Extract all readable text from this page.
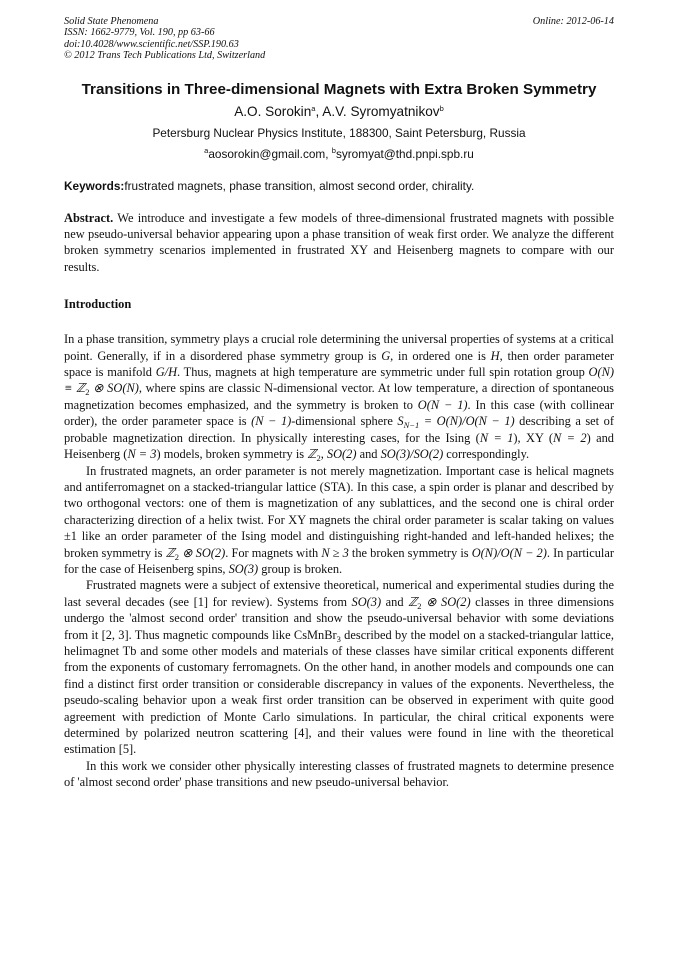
Solid State Phenomena
ISSN: 1662-9779, Vol. 190, pp 63-66
doi:10.4028/www.scientific.net/SSP.190.63
© 2012 Trans Tech Publications Ltd, Switzerland
Online: 2012-06-14
Transitions in Three-dimensional Magnets with Extra Broken Symmetry
A.O. Sorokin$^a$, A.V. Syromyatnikov$^b$
Petersburg Nuclear Physics Institute, 188300, Saint Petersburg, Russia
$^a$aosorokin@gmail.com, $^b$syromyat@thd.pnpi.spb.ru
Keywords:frustrated magnets, phase transition, almost second order, chirality.
Abstract. We introduce and investigate a few models of three-dimensional frustrated magnets with possible new pseudo-universal behavior appearing upon a phase transition of weak first order. We analyze the different broken symmetry scenarios implemented in frustrated XY and Heisenberg magnets to compare with our results.
Introduction

In a phase transition, symmetry plays a crucial role determining the universal properties of systems at a critical point. Generally, if in a disordered phase symmetry group is G, in ordered one is H, then order parameter space is manifold G/H. Thus, magnets at high temperature are symmetric under full spin rotation group O(N) ≡ ℤ$_2$ ⊗ SO(N), where spins are classic N-dimensional vector. At low temperature, a direction of spontaneous magnetization becomes emphasized, and the symmetry is broken to O(N − 1). In this case (with collinear order), the order parameter space is (N − 1)-dimensional sphere $S_{N-1} = O(N)/O(N - 1)$ describing a set of probable magnetization direction. In physically interesting cases, for the Ising (N = 1), XY (N = 2) and Heisenberg (N = 3) models, broken symmetry is ℤ$_2$, SO(2) and SO(3)/SO(2) correspondingly.

In frustrated magnets, an order parameter is not merely magnetization. Important case is helical magnets and antiferromagnet on a stacked-triangular lattice (STA). In this case, a spin order is planar and described by two orthogonal vectors: one of them is magnetization of any sublattices, and the second one is chiral order characterizing direction of a helix twist. For XY magnets the chiral order parameter is scalar taking on values ±1 like an order parameter of the Ising model and distinguishing right-handed and left-handed helixes; the broken symmetry is ℤ$_2$ ⊗ SO(2). For magnets with N ≥ 3 the broken symmetry is O(N)/O(N − 2). In particular for the case of Heisenberg spins, SO(3) group is broken.

Frustrated magnets were a subject of extensive theoretical, numerical and experimental studies during the last several decades (see [1] for review). Systems from SO(3) and ℤ$_2$ ⊗ SO(2) classes in three dimensions undergo the 'almost second order' transition and show the pseudo-universal behavior with some deviations from it [2, 3]. Thus magnetic compounds like CsMnBr$_3$ described by the model on a stacked-triangular lattice, helimagnet Tb and some other models and materials of these classes have similar critical exponents different from the exponents of customary ferromagnets. On the other hand, in another models and compounds one can find a distinct first order transition or considerable discrepancy in values of the exponents. Nevertheless, the pseudo-scaling behavior upon a weak first order transition can be observed in experiment with quite good agreement with prediction of Monte Carlo simulations. In particular, the chiral critical exponents were determined by polarized neutron scattering [4], and their values were found in line with the theoretical estimation [5].

In this work we consider other physically interesting classes of frustrated magnets to determine presence of 'almost second order' phase transitions and new pseudo-universal behavior.
